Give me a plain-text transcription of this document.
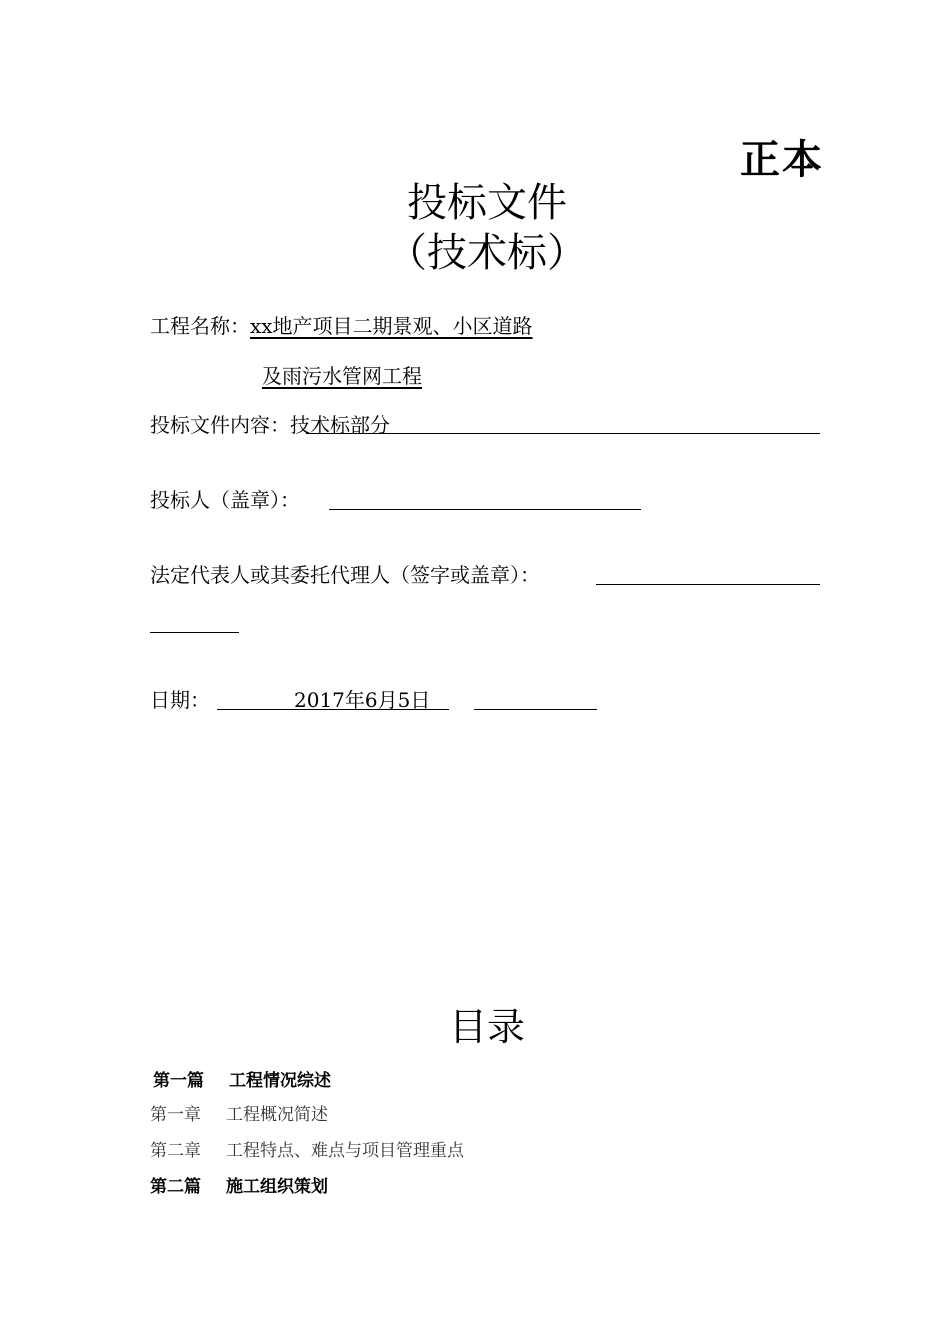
正本
投标文件
（技术标）
工程名称：xx地产项目二期景观、小区道路
及雨污水管网工程
投标文件内容：技术标部分
投标人（盖章）：
法定代表人或其委托代理人（签字或盖章）：
日期：	2017年6月5日
目录
第一篇 工程情况综述
第一章 工程概况简述
第二章 工程特点、难点与项目管理重点
第二篇 施工组织策划
